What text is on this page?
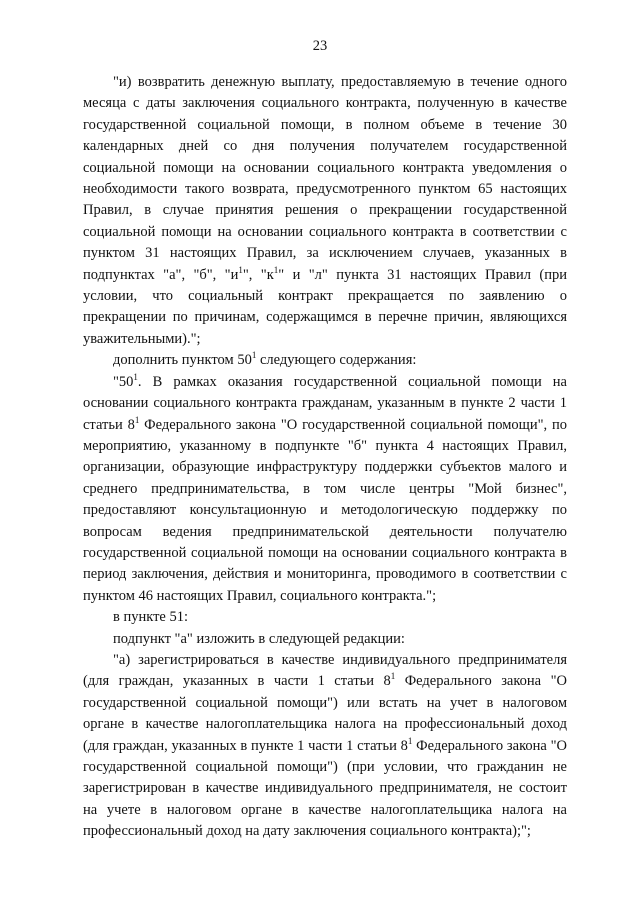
23

"и) возвратить денежную выплату, предоставляемую в течение одного месяца с даты заключения социального контракта, полученную в качестве государственной социальной помощи, в полном объеме в течение 30 календарных дней со дня получения получателем государственной социальной помощи на основании социального контракта уведомления о необходимости такого возврата, предусмотренного пунктом 65 настоящих Правил, в случае принятия решения о прекращении государственной социальной помощи на основании социального контракта в соответствии с пунктом 31 настоящих Правил, за исключением случаев, указанных в подпунктах "а", "б", "$и^1$", "$к^1$" и "л" пункта 31 настоящих Правил (при условии, что социальный контракт прекращается по заявлению о прекращении по причинам, содержащимся в перечне причин, являющихся уважительными).";

дополнить пунктом $50^1$ следующего содержания:

"$50^1$. В рамках оказания государственной социальной помощи на основании социального контракта гражданам, указанным в пункте 2 части 1 статьи $8^1$ Федерального закона "О государственной социальной помощи", по мероприятию, указанному в подпункте "б" пункта 4 настоящих Правил, организации, образующие инфраструктуру поддержки субъектов малого и среднего предпринимательства, в том числе центры "Мой бизнес", предоставляют консультационную и методологическую поддержку по вопросам ведения предпринимательской деятельности получателю государственной социальной помощи на основании социального контракта в период заключения, действия и мониторинга, проводимого в соответствии с пунктом 46 настоящих Правил, социального контракта.";

в пункте 51:

подпункт "а" изложить в следующей редакции:

"а) зарегистрироваться в качестве индивидуального предпринимателя (для граждан, указанных в части 1 статьи $8^1$ Федерального закона "О государственной социальной помощи") или встать на учет в налоговом органе в качестве налогоплательщика налога на профессиональный доход (для граждан, указанных в пункте 1 части 1 статьи $8^1$ Федерального закона "О государственной социальной помощи") (при условии, что гражданин не зарегистрирован в качестве индивидуального предпринимателя, не состоит на учете в налоговом органе в качестве налогоплательщика налога на профессиональный доход на дату заключения социального контракта);";
